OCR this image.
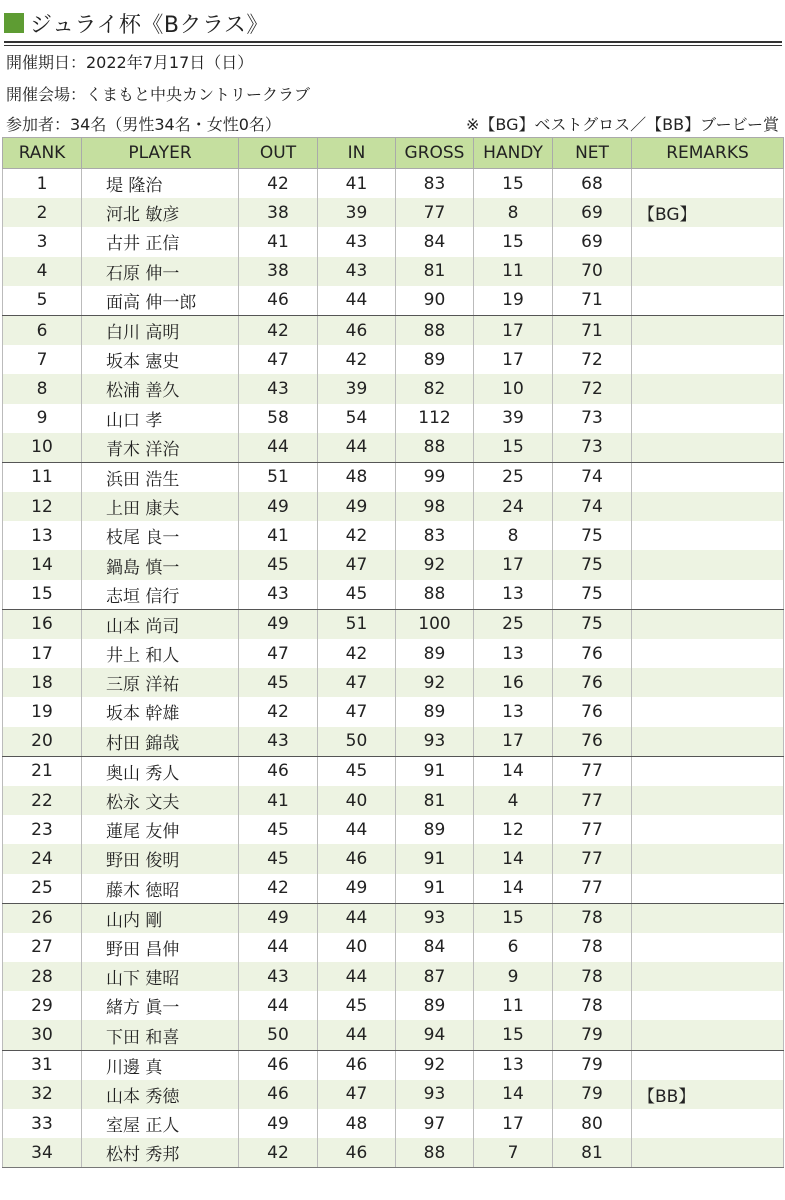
ジュライ杯《Bクラス》
開催期日：2022年7月17日（日）
開催会場：くまもと中央カントリークラブ
参加者：34名（男性34名・女性0名）	※【BG】ベストグロス／【BB】ブービー賞
RANK	PLAYER	OUT	IN	GROSS	HANDY	NET	REMARKS
1	堤 隆治	42	41	83	15	68	
2	河北 敏彦	38	39	77	8	69	【BG】
3	古井 正信	41	43	84	15	69	
4	石原 伸一	38	43	81	11	70	
5	面高 伸一郎	46	44	90	19	71	
6	白川 高明	42	46	88	17	71	
7	坂本 憲史	47	42	89	17	72	
8	松浦 善久	43	39	82	10	72	
9	山口 孝	58	54	112	39	73	
10	青木 洋治	44	44	88	15	73	
11	浜田 浩生	51	48	99	25	74	
12	上田 康夫	49	49	98	24	74	
13	枝尾 良一	41	42	83	8	75	
14	鍋島 慎一	45	47	92	17	75	
15	志垣 信行	43	45	88	13	75	
16	山本 尚司	49	51	100	25	75	
17	井上 和人	47	42	89	13	76	
18	三原 洋祐	45	47	92	16	76	
19	坂本 幹雄	42	47	89	13	76	
20	村田 錦哉	43	50	93	17	76	
21	奥山 秀人	46	45	91	14	77	
22	松永 文夫	41	40	81	4	77	
23	蓮尾 友伸	45	44	89	12	77	
24	野田 俊明	45	46	91	14	77	
25	藤木 徳昭	42	49	91	14	77	
26	山内 剛	49	44	93	15	78	
27	野田 昌伸	44	40	84	6	78	
28	山下 建昭	43	44	87	9	78	
29	緒方 眞一	44	45	89	11	78	
30	下田 和喜	50	44	94	15	79	
31	川邊 真	46	46	92	13	79	
32	山本 秀徳	46	47	93	14	79	【BB】
33	室屋 正人	49	48	97	17	80	
34	松村 秀邦	42	46	88	7	81	
